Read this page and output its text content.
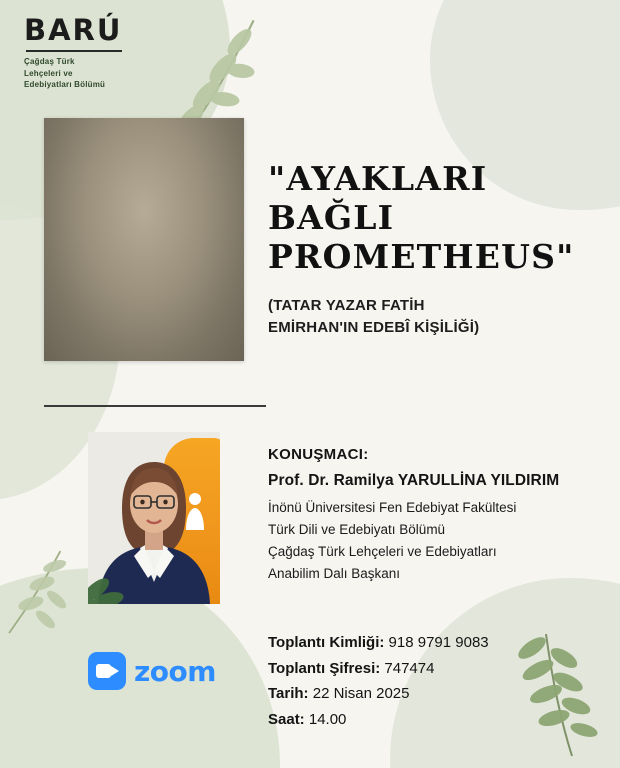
BARÚ
Çağdaş Türk
Lehçeleri ve
Edebiyatları Bölümü
"AYAKLARI
BAĞLI
PROMETHEUS"
(TATAR YAZAR FATİH
EMİRHAN'IN EDEBÎ KİŞİLİĞİ)
KONUŞMACI:
Prof. Dr. Ramilya YARULLİNA YILDIRIM
İnönü Üniversitesi Fen Edebiyat Fakültesi
Türk Dili ve Edebiyatı Bölümü
Çağdaş Türk Lehçeleri ve Edebiyatları
Anabilim Dalı Başkanı
zoom
Toplantı Kimliği: 918 9791 9083
Toplantı Şifresi: 747474
Tarih: 22 Nisan 2025
Saat: 14.00
